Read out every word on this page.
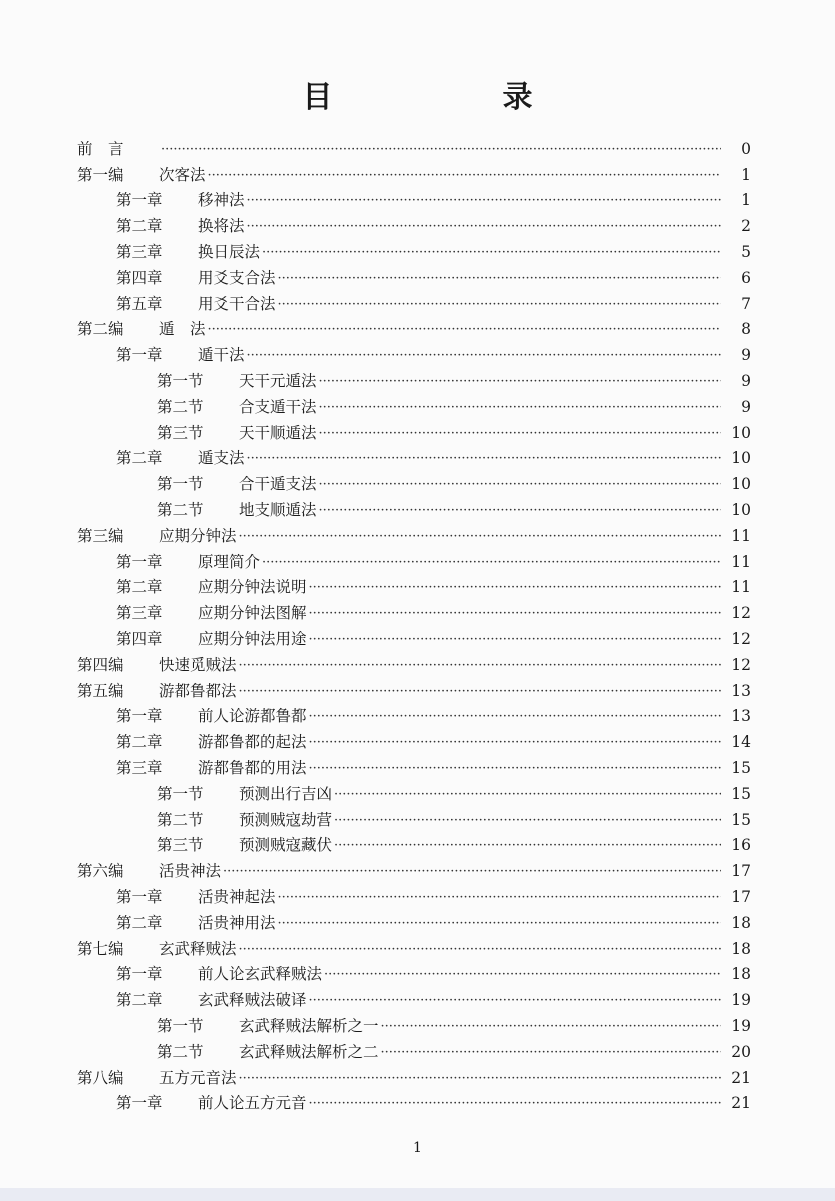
目　录
前　言 ·····	0
第一编	次客法 ·····	1
第一章	移神法 ·····	1
第二章	换将法 ·····	2
第三章	换日辰法 ·····	5
第四章	用爻支合法 ·····	6
第五章	用爻干合法 ·····	7
第二编	遁　法 ·····	8
第一章	遁干法 ·····	9
第一节	天干元遁法 ·····	9
第二节	合支遁干法 ·····	9
第三节	天干顺遁法 ·····	10
第二章	遁支法 ·····	10
第一节	合干遁支法 ·····	10
第二节	地支顺遁法 ·····	10
第三编	应期分钟法 ·····	11
第一章	原理简介 ·····	11
第二章	应期分钟法说明 ·····	11
第三章	应期分钟法图解 ·····	12
第四章	应期分钟法用途 ·····	12
第四编	快速觅贼法 ·····	12
第五编	游都鲁都法 ·····	13
第一章	前人论游都鲁都 ·····	13
第二章	游都鲁都的起法 ·····	14
第三章	游都鲁都的用法 ·····	15
第一节	预测出行吉凶 ·····	15
第二节	预测贼寇劫营 ·····	15
第三节	预测贼寇藏伏 ·····	16
第六编	活贵神法 ·····	17
第一章	活贵神起法 ·····	17
第二章	活贵神用法 ·····	18
第七编	玄武释贼法 ·····	18
第一章	前人论玄武释贼法 ·····	18
第二章	玄武释贼法破译 ·····	19
第一节	玄武释贼法解析之一 ·····	19
第二节	玄武释贼法解析之二 ·····	20
第八编	五方元音法 ·····	21
第一章	前人论五方元音 ·····	21
1
